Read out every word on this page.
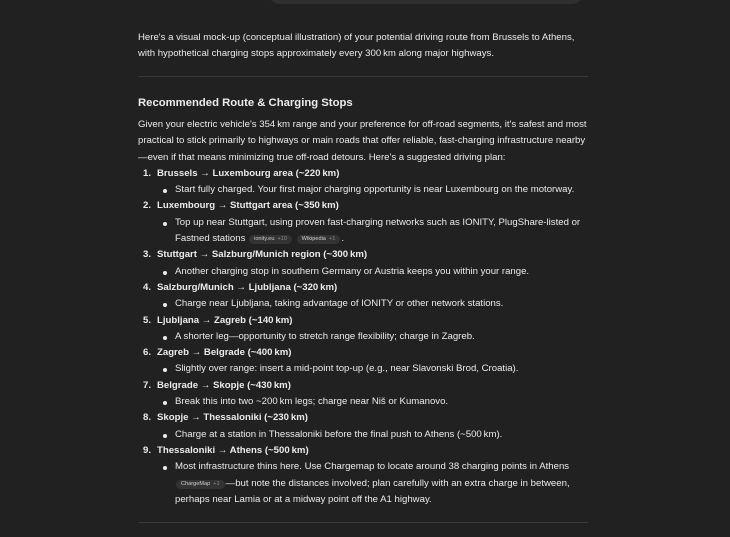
Here's a visual mock-up (conceptual illustration) of your potential driving route from Brussels to Athens, with hypothetical charging stops approximately every 300 km along major highways.

Recommended Route & Charging Stops

Given your electric vehicle's 354 km range and your preference for off-road segments, it's safest and most practical to stick primarily to highways or main roads that offer reliable, fast-charging infrastructure nearby—even if that means minimizing true off-road detours. Here's a suggested driving plan:

1. Brussels → Luxembourg area (~220 km)
Start fully charged. Your first major charging opportunity is near Luxembourg on the motorway.
2. Luxembourg → Stuttgart area (~350 km)
Top up near Stuttgart, using proven fast-charging networks such as IONITY, PlugShare-listed or Fastned stations ionity.eu +10	Wikipedia +1 .
3. Stuttgart → Salzburg/Munich region (~300 km)
Another charging stop in southern Germany or Austria keeps you within your range.
4. Salzburg/Munich → Ljubljana (~320 km)
Charge near Ljubljana, taking advantage of IONITY or other network stations.
5. Ljubljana → Zagreb (~140 km)
A shorter leg—opportunity to stretch range flexibility; charge in Zagreb.
6. Zagreb → Belgrade (~400 km)
Slightly over range: insert a mid-point top-up (e.g., near Slavonski Brod, Croatia).
7. Belgrade → Skopje (~430 km)
Break this into two ~200 km legs; charge near Niš or Kumanovo.
8. Skopje → Thessaloniki (~230 km)
Charge at a station in Thessaloniki before the final push to Athens (~500 km).
9. Thessaloniki → Athens (~500 km)
Most infrastructure thins here. Use Chargemap to locate around 38 charging points in Athens ChargeMap +1 —but note the distances involved; plan carefully with an extra charge in between, perhaps near Lamia or at a midway point off the A1 highway.
